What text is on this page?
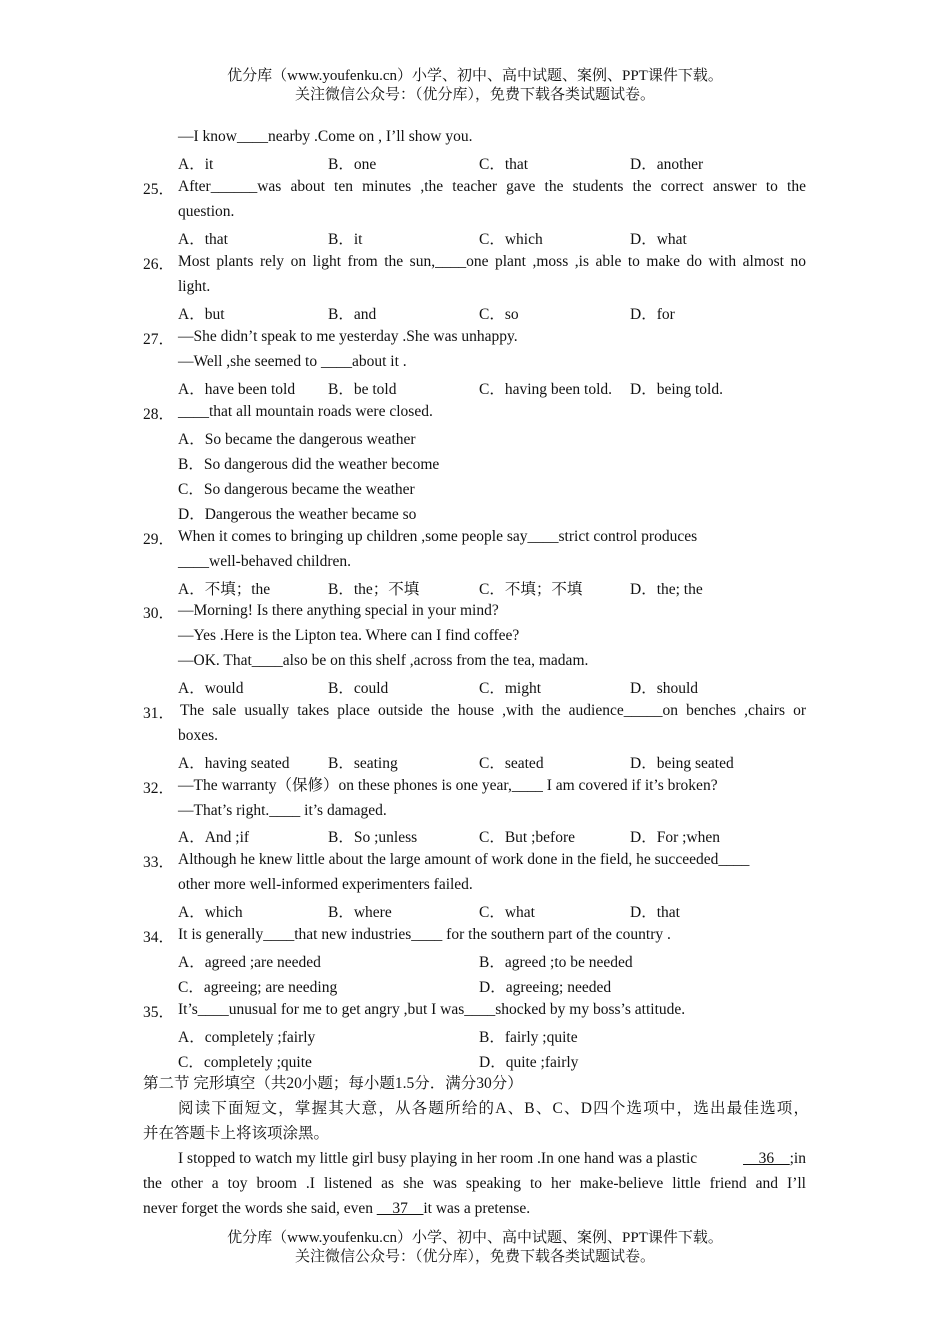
优分库（www.youfenku.cn）小学、初中、高中试题、案例、PPT课件下载。
关注微信公众号：（优分库），免费下载各类试题试卷。
—I know____nearby .Come on , I’ll show you.
A．it	B．one	C．that	D．another
25． After______was about ten minutes ,the teacher gave the students the correct answer to the
question.
A．that	B．it	C．which	D．what
26． Most plants rely on light from the sun,____one plant ,moss ,is able to make do with almost no
light.
A．but	B．and	C．so	D．for
27． —She didn’t speak to me yesterday .She was unhappy.
—Well ,she seemed to ____about it .
A．have been told B．be told	C．having been told. D．being told.
28． ____that all mountain roads were closed.
A．So became the dangerous weather
B．So dangerous did the weather become
C．So dangerous became the weather
D．Dangerous the weather became so
29． When it comes to bringing up children ,some people say____strict control produces
____well-behaved children.
A．不填；the	B．the；不填	C．不填；不填	D．the; the
30． —Morning! Is there anything special in your mind?
—Yes .Here is the Lipton tea. Where can I find coffee?
—OK. That____also be on this shelf ,across from the tea, madam.
A．would	B．could	C．might	D．should
31． The sale usually takes place outside the house ,with the audience_____on benches ,chairs or
boxes.
A．having seated B．seating	C．seated	D．being seated
32． —The warranty（保修）on these phones is one year,____ I am covered if it’s broken?
—That’s right.____ it’s damaged.
A．And ;if	B．So ;unless	C．But ;before	D．For ;when
33． Although he knew little about the large amount of work done in the field, he succeeded____
other more well-informed experimenters failed.
A．which	B．where	C．what	D．that
34． It is generally____that new industries____ for the southern part of the country .
A．agreed ;are needed	B．agreed ;to be needed
C．agreeing; are needing	D．agreeing; needed
35． It’s____unusual for me to get angry ,but I was____shocked by my boss’s attitude.
A．completely ;fairly	B．fairly ;quite
C．completely ;quite	D．quite ;fairly
第二节 完形填空（共20小题；每小题1.5分．满分30分）
阅读下面短文，掌握其大意，从各题所给的A、B、C、D四个选项中，选出最佳选项，
并在答题卡上将该项涂黑。
I stopped to watch my little girl busy playing in her room .In one hand was a plastic	__36__;in
the other a toy broom .I listened as she was speaking to her make-believe little friend and I’ll
never forget the words she said, even __37__it was a pretense.
优分库（www.youfenku.cn）小学、初中、高中试题、案例、PPT课件下载。
关注微信公众号：（优分库），免费下载各类试题试卷。
